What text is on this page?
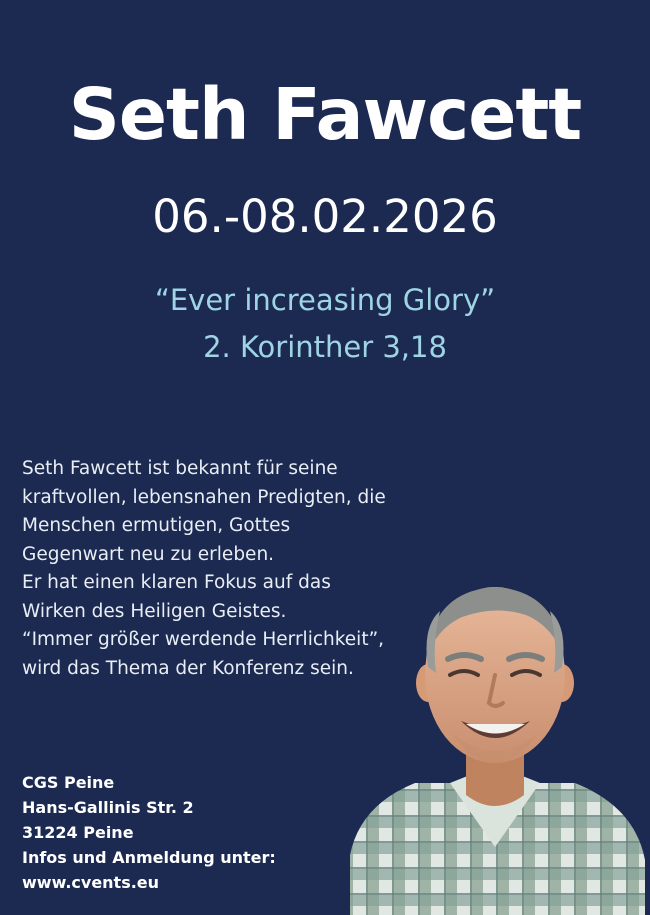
Seth Fawcett
06.-08.02.2026
“Ever increasing Glory”
2. Korinther 3,18
Seth Fawcett ist bekannt für seine
kraftvollen, lebensnahen Predigten, die
Menschen ermutigen, Gottes
Gegenwart neu zu erleben.
Er hat einen klaren Fokus auf das
Wirken des Heiligen Geistes.
“Immer größer werdende Herrlichkeit”,
wird das Thema der Konferenz sein.
CGS Peine
Hans-Gallinis Str. 2
31224 Peine
Infos und Anmeldung unter:
www.cvents.eu
